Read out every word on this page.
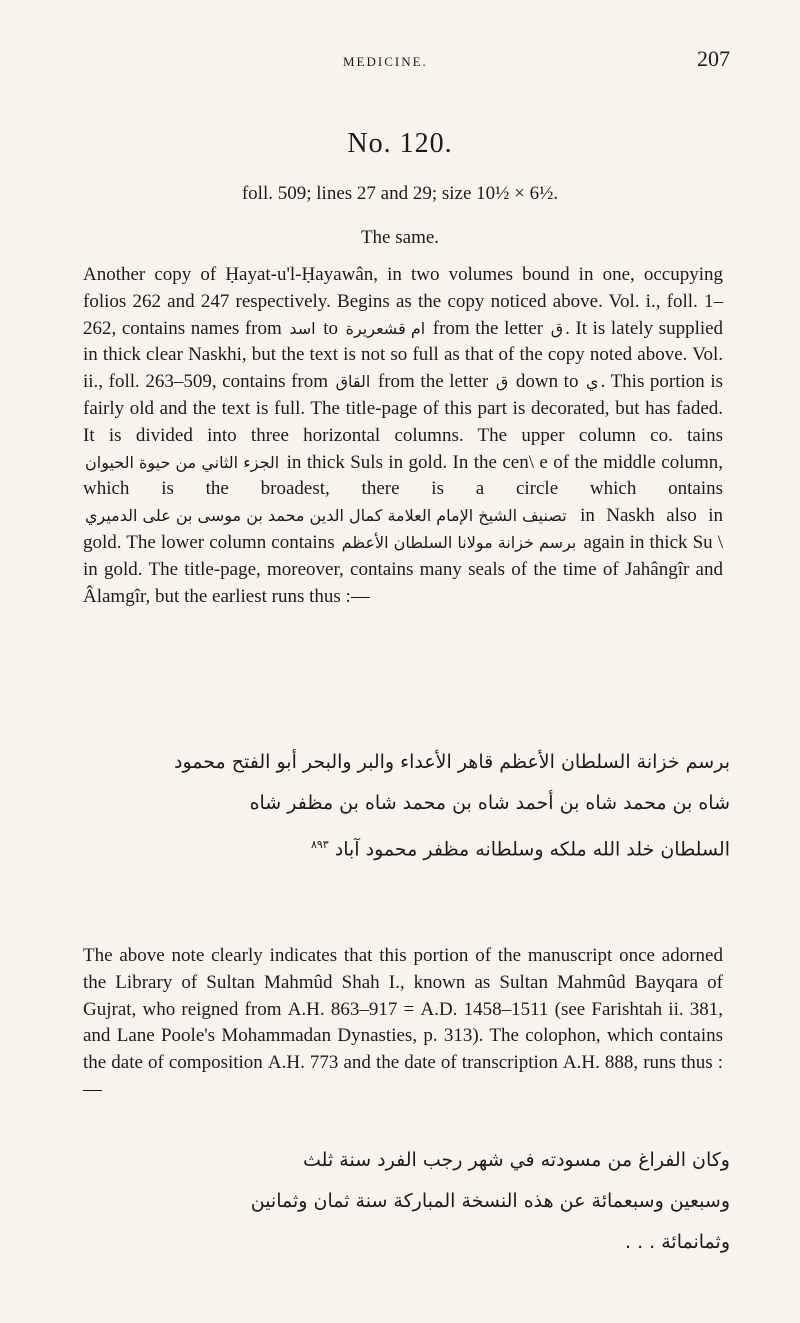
MEDICINE.	207
No. 120.
foll. 509; lines 27 and 29; size 10½ × 6½.
The same.
Another copy of Ḥayat-u'l-Ḥayawân, in two volumes bound in one, occupying folios 262 and 247 respectively. Begins as the copy noticed above. Vol. i., foll. 1–262, contains names from اسد to ام قشعريرة from the letter ق . It is lately supplied in thick clear Naskhi, but the text is not so full as that of the copy noted above. Vol. ii., foll. 263–509, contains from القاق from the letter ق down to ي . This portion is fairly old and the text is full. The title-page of this part is decorated, but has faded. It is divided into three horizontal columns. The upper column co. tains الجزء الثاني من حيوة الحيوان in thick Suls in gold. In the cen\ e of the middle column, which is the broadest, there is a circle which ontains تصنيف الشيخ الإمام العلامة كمال الدين محمد بن موسى بن على الدميري in Naskh also in gold. The lower column contains برسم خزانة مولانا السلطان الأعظم again in thick Su \ in gold. The title-page, moreover, contains many seals of the time of Jahângîr and Âlamgîr, but the earliest runs thus :—
برسم خزانة السلطان الأعظم قاهر الأعداء والبر والبحر أبو الفتح محمود
شاه بن محمد شاه بن أحمد شاه بن محمد شاه بن مظفر شاه
السلطان خلد الله ملكه وسلطانه مظفر محمود آباد $^{٨٩٣}$
The above note clearly indicates that this portion of the manuscript once adorned the Library of Sultan Mahmûd Shah I., known as Sultan Mahmûd Bayqara of Gujrat, who reigned from A.H. 863–917 = A.D. 1458–1511 (see Farishtah ii. 381, and Lane Poole's Mohammadan Dynasties, p. 313). The colophon, which contains the date of composition A.H. 773 and the date of transcription A.H. 888, runs thus :—
وكان الفراغ من مسودته في شهر رجب الفرد سنة ثلث
وسبعين وسبعمائة عن هذه النسخة المباركة سنة ثمان وثمانين
وثمانمائة . . .
